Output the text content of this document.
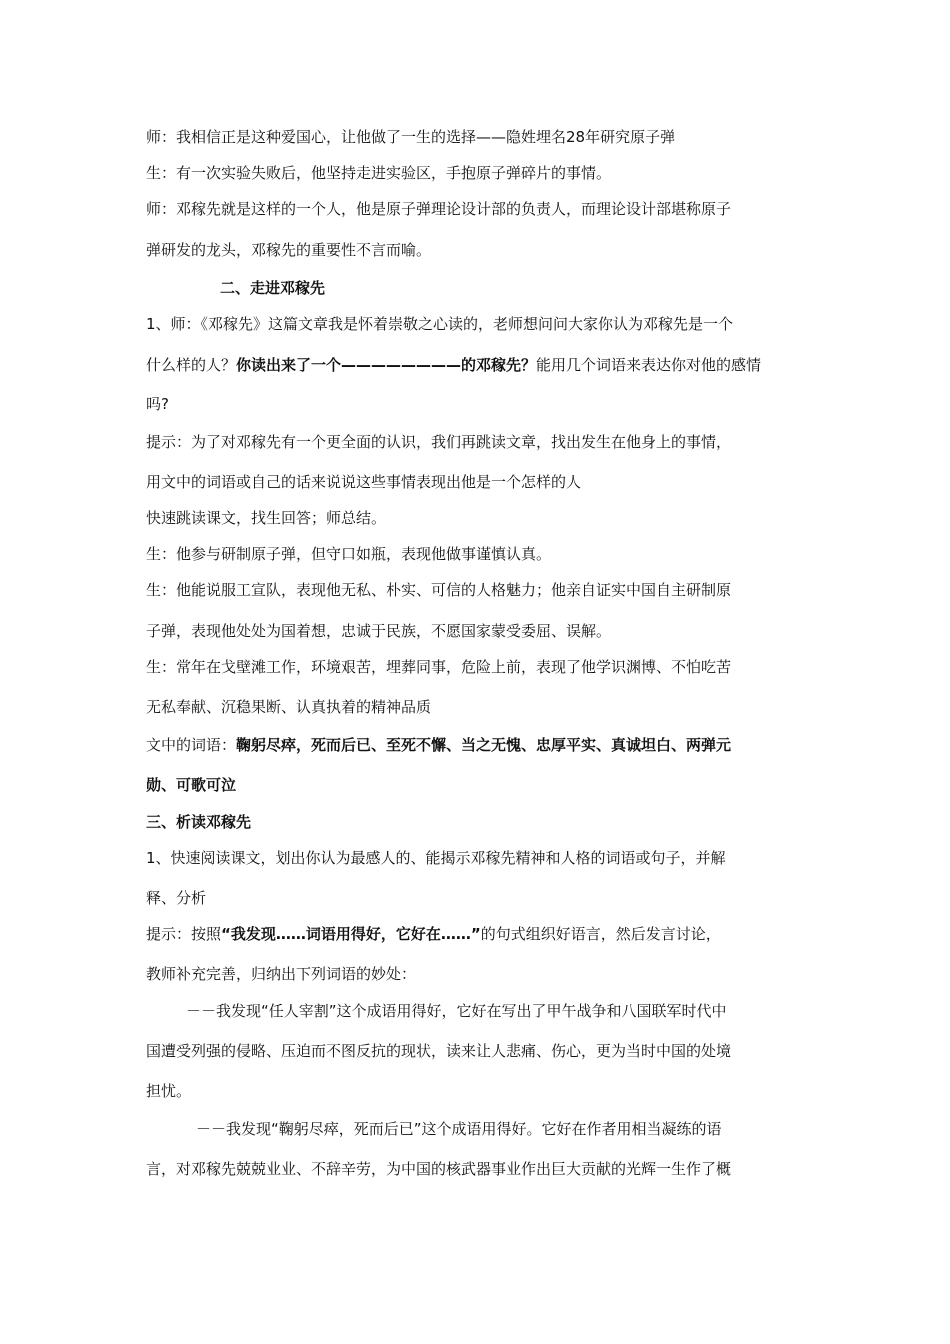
师：我相信正是这种爱国心，让他做了一生的选择——隐姓埋名28年研究原子弹
生：有一次实验失败后，他坚持走进实验区，手抱原子弹碎片的事情。
师：邓稼先就是这样的一个人，他是原子弹理论设计部的负责人，而理论设计部堪称原子
弹研发的龙头，邓稼先的重要性不言而喻。
二、走进邓稼先
1、师：《邓稼先》这篇文章我是怀着崇敬之心读的，老师想问问大家你认为邓稼先是一个
什么样的人？你读出来了一个————————的邓稼先？能用几个词语来表达你对他的感情
吗?
提示：为了对邓稼先有一个更全面的认识，我们再跳读文章，找出发生在他身上的事情，
用文中的词语或自己的话来说说这些事情表现出他是一个怎样的人
快速跳读课文，找生回答；师总结。
生：他参与研制原子弹，但守口如瓶，表现他做事谨慎认真。
生：他能说服工宣队，表现他无私、朴实、可信的人格魅力；他亲自证实中国自主研制原
子弹，表现他处处为国着想，忠诚于民族，不愿国家蒙受委屈、误解。
生：常年在戈壁滩工作，环境艰苦，埋葬同事，危险上前，表现了他学识渊博、不怕吃苦
无私奉献、沉稳果断、认真执着的精神品质
文中的词语：鞠躬尽瘁，死而后已、至死不懈、当之无愧、忠厚平实、真诚坦白、两弹元
勋、可歌可泣
三、析读邓稼先
1、快速阅读课文，划出你认为最感人的、能揭示邓稼先精神和人格的词语或句子，并解
释、分析
提示：按照“我发现……词语用得好，它好在……”的句式组织好语言，然后发言讨论，
教师补充完善，归纳出下列词语的妙处：
－－我发现“任人宰割”这个成语用得好，它好在写出了甲午战争和八国联军时代中
国遭受列强的侵略、压迫而不图反抗的现状，读来让人悲痛、伤心，更为当时中国的处境
担忧。
－－我发现“鞠躬尽瘁，死而后已”这个成语用得好。它好在作者用相当凝练的语
言，对邓稼先兢兢业业、不辞辛劳，为中国的核武器事业作出巨大贡献的光辉一生作了概
